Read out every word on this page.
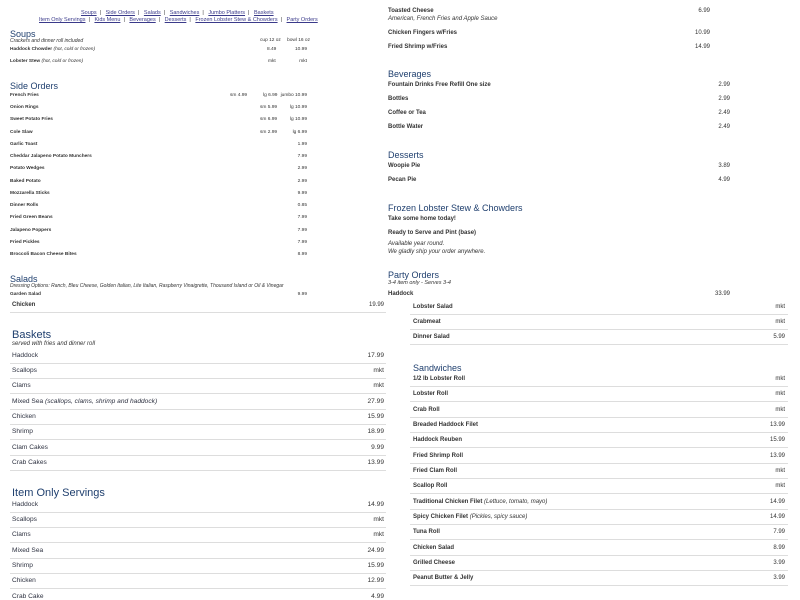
Soups | Side Orders | Salads | Sandwiches | Jumbo Platters | Baskets
Item Only Servings | Kids Menu | Beverages | Desserts | Frozen Lobster Stew & Chowders | Party Orders
Soups
Crackers and dinner roll included	cup 12 oz bowl 16 oz
Haddock Chowder (hot, cold or frozen)	8.49	10.99
Lobster Stew (hot, cold or frozen)	mkt	mkt
Side Orders
French Fries	sm 4.99	lg 6.99 jumbo 10.99
Onion Rings	sm 5.99	lg 10.99
Sweet Potato Fries	sm 6.99	lg 10.99
Cole Slaw	sm 2.99	lg 6.99
Garlic Toast	1.99
Cheddar Jalapeno Potato Munchers	7.99
Potato Wedges	2.99
Baked Potato	2.99
Mozzarella Sticks	9.99
Dinner Rolls	0.85
Fried Green Beans	7.99
Jalapeno Poppers	7.99
Fried Pickles	7.99
Broccoli Bacon Cheese Bites	8.99
Salads
Dressing Options: Ranch, Bleu Cheese, Golden Italian, Lite Italian, Raspberry Vinaigrette, Thousand Island or Oil & Vinegar
Garden Salad	9.99
Chicken	19.99
Baskets
served with fries and dinner roll
Haddock	17.99
Scallops	mkt
Clams	mkt
Mixed Sea (scallops, clams, shrimp and haddock)	27.99
Chicken	15.99
Shrimp	18.99
Clam Cakes	9.99
Crab Cakes	13.99
Item Only Servings
Haddock	14.99
Scallops	mkt
Clams	mkt
Mixed Sea	24.99
Shrimp	15.99
Chicken	12.99
Crab Cake	4.99
Toasted Cheese	6.99
American, French Fries and Apple Sauce
Chicken Fingers w/Fries	10.99
Fried Shrimp w/Fries	14.99
Beverages
Fountain Drinks Free Refill One size	2.99
Bottles	2.99
Coffee or Tea	2.49
Bottle Water	2.49
Desserts
Woopie Pie	3.89
Pecan Pie	4.99
Frozen Lobster Stew & Chowders
Take some home today!
Ready to Serve and Pint (base)
Available year round.
We gladly ship your order anywhere.
Party Orders
3-4 item only - Serves 3-4
Haddock	33.99
Lobster Salad	mkt
Crabmeat	mkt
Dinner Salad	5.99
Sandwiches
1/2 lb Lobster Roll	mkt
Lobster Roll	mkt
Crab Roll	mkt
Breaded Haddock Filet	13.99
Haddock Reuben	15.99
Fried Shrimp Roll	13.99
Fried Clam Roll	mkt
Scallop Roll	mkt
Traditional Chicken Filet (Lettuce, tomato, mayo)	14.99
Spicy Chicken Filet (Pickles, spicy sauce)	14.99
Tuna Roll	7.99
Chicken Salad	8.99
Grilled Cheese	3.99
Peanut Butter & Jelly	3.99
